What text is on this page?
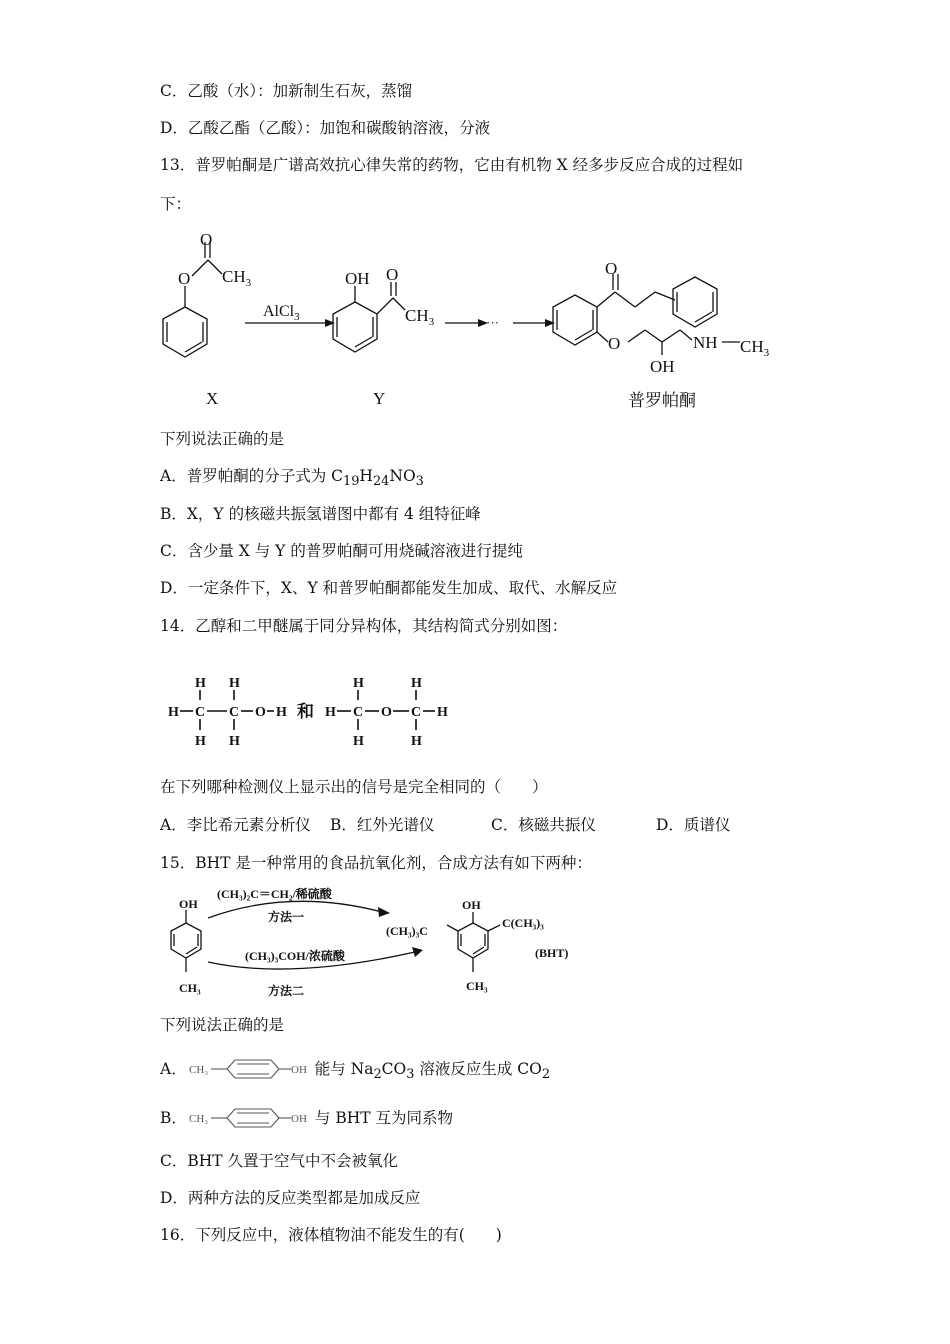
C．乙酸（水）：加新制生石灰，蒸馏
D．乙酸乙酯（乙酸）：加饱和碳酸钠溶液，分液
13．普罗帕酮是广谱高效抗心律失常的药物，它由有机物 X 经多步反应合成的过程如
下：
O
O $CH_3$	OH O
$CH_3$
O
O
OH
NH $CH_3$
AlCl$_3$	···
X	Y	普罗帕酮
下列说法正确的是
A．普罗帕酮的分子式为 $C_{19}H_{24}NO_3$
B．X，Y 的核磁共振氢谱图中都有 4 组特征峰
C．含少量 X 与 Y 的普罗帕酮可用烧碱溶液进行提纯
D．一定条件下，X、Y 和普罗帕酮都能发生加成、取代、水解反应
14．乙醇和二甲醚属于同分异构体，其结构简式分别如图：
H H
H C C O H
H H
H
H
C O
H
C H
H	H
和
在下列哪种检测仪上显示出的信号是完全相同的（　　）
A．李比希元素分析仪 B．红外光谱仪	C．核磁共振仪	D．质谱仪
15．BHT 是一种常用的食品抗氧化剂，合成方法有如下两种：
OH
CH₃
(CH₃)₂C＝CH₂/稀硫酸
方法一
(CH₃)₃COH/浓硫酸
方法二
OH
(CH₃)₃C
C(CH₃)₃
CH₃
(BHT)
下列说法正确的是
A． CH₃	OH 能与 $Na_2CO_3$ 溶液反应生成 $CO_2$
B． CH₃	OH 与 BHT 互为同系物
C．BHT 久置于空气中不会被氧化
D．两种方法的反应类型都是加成反应
16．下列反应中，液体植物油不能发生的有(　　)
